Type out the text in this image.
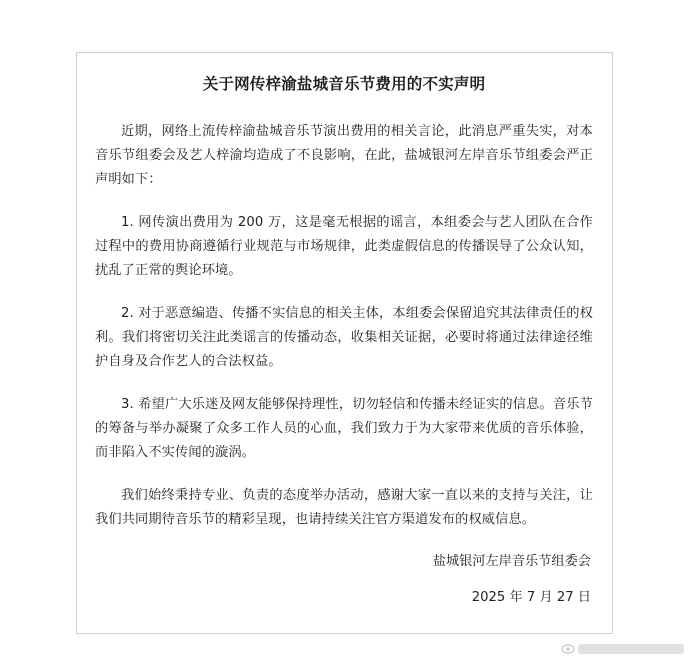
关于网传梓渝盐城音乐节费用的不实声明

近期，网络上流传梓渝盐城音乐节演出费用的相关言论，此消息严重失实，对本音乐节组委会及艺人梓渝均造成了不良影响，在此，盐城银河左岸音乐节组委会严正声明如下：

1. 网传演出费用为 200 万，这是毫无根据的谣言，本组委会与艺人团队在合作过程中的费用协商遵循行业规范与市场规律，此类虚假信息的传播误导了公众认知，扰乱了正常的舆论环境。

2. 对于恶意编造、传播不实信息的相关主体，本组委会保留追究其法律责任的权利。我们将密切关注此类谣言的传播动态，收集相关证据，必要时将通过法律途径维护自身及合作艺人的合法权益。

3. 希望广大乐迷及网友能够保持理性，切勿轻信和传播未经证实的信息。音乐节的筹备与举办凝聚了众多工作人员的心血，我们致力于为大家带来优质的音乐体验，而非陷入不实传闻的漩涡。

我们始终秉持专业、负责的态度举办活动，感谢大家一直以来的支持与关注，让我们共同期待音乐节的精彩呈现，也请持续关注官方渠道发布的权威信息。

盐城银河左岸音乐节组委会
2025 年 7 月 27 日
